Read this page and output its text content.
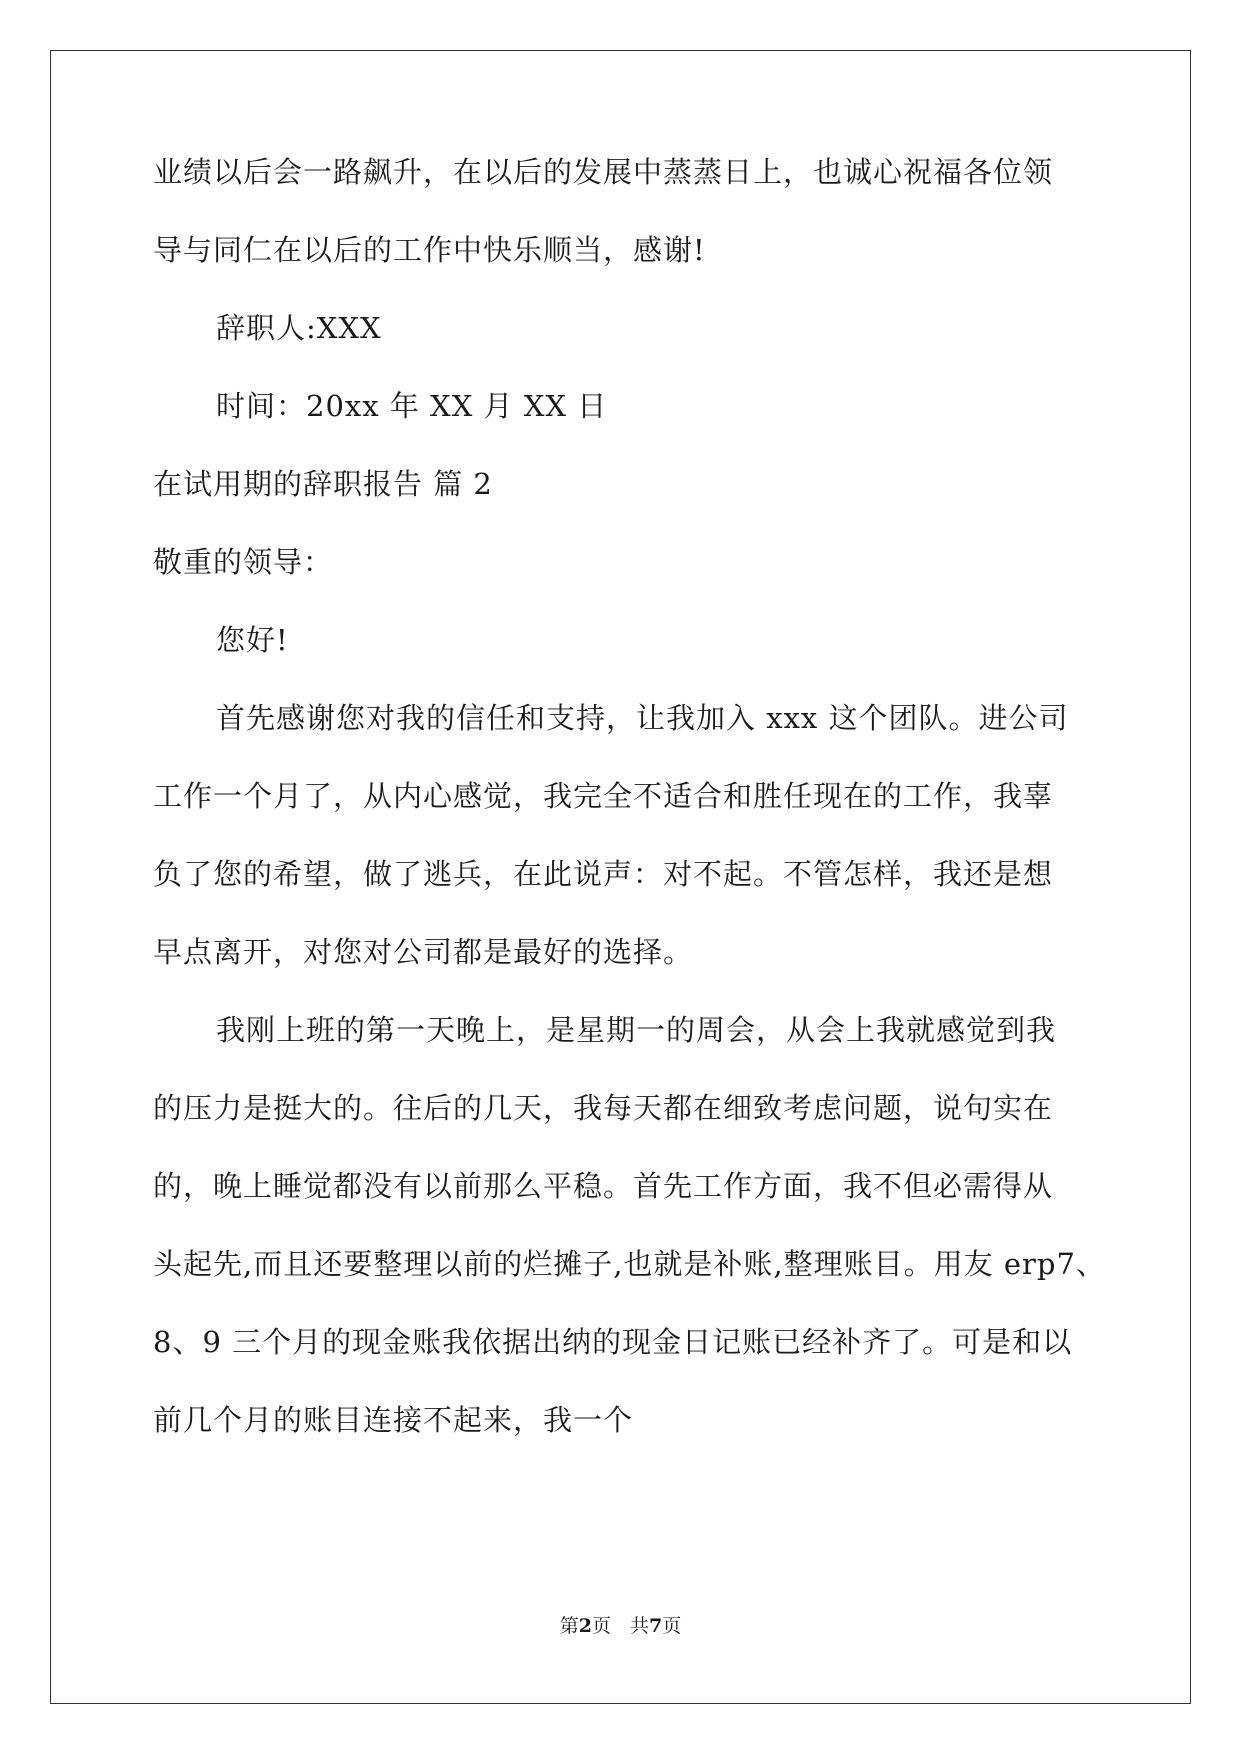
业绩以后会一路飙升，在以后的发展中蒸蒸日上，也诚心祝福各位领
导与同仁在以后的工作中快乐顺当，感谢!
辞职人:XXX
时间：20xx 年 XX 月 XX 日
在试用期的辞职报告 篇 2
敬重的领导：
您好!
首先感谢您对我的信任和支持，让我加入 xxx 这个团队。进公司
工作一个月了，从内心感觉，我完全不适合和胜任现在的工作，我辜
负了您的希望，做了逃兵，在此说声：对不起。不管怎样，我还是想
早点离开，对您对公司都是最好的选择。
我刚上班的第一天晚上，是星期一的周会，从会上我就感觉到我
的压力是挺大的。往后的几天，我每天都在细致考虑问题，说句实在
的，晚上睡觉都没有以前那么平稳。首先工作方面，我不但必需得从
头起先,而且还要整理以前的烂摊子,也就是补账,整理账目。用友 erp7、
8、9 三个月的现金账我依据出纳的现金日记账已经补齐了。可是和以
前几个月的账目连接不起来，我一个
第2页　共7页
